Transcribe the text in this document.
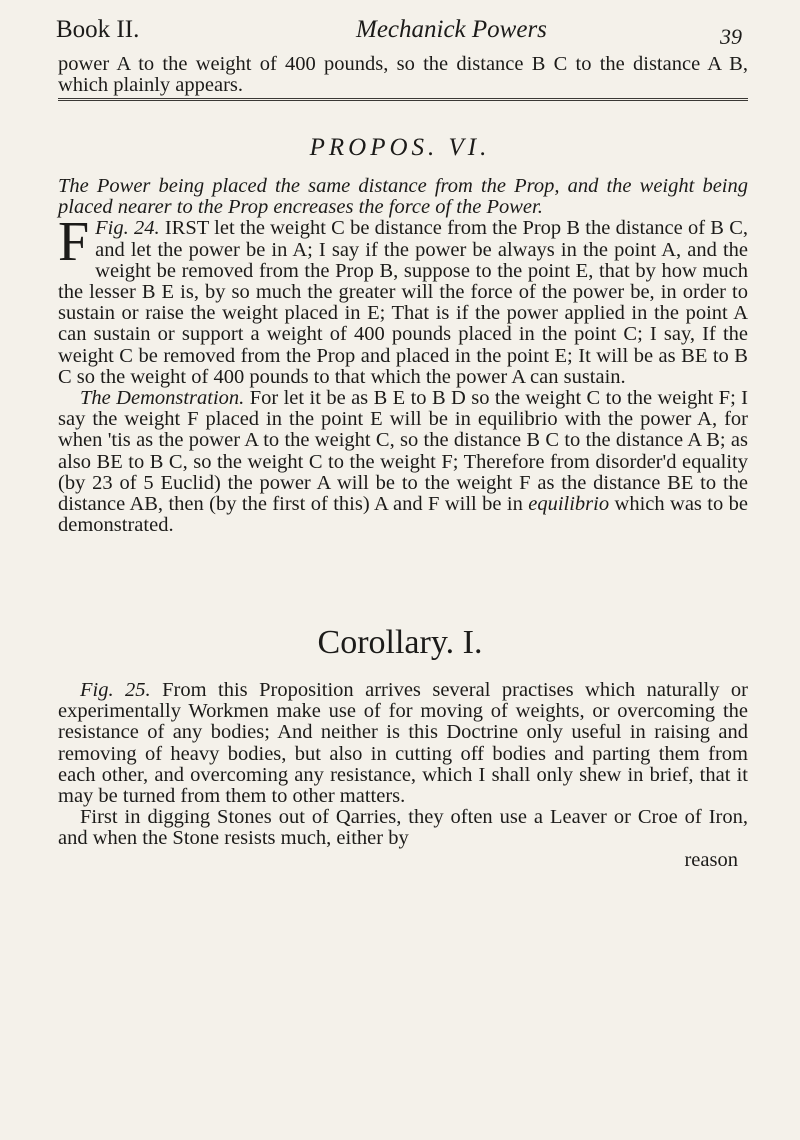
Book II.	Mechanick Powers	39

power A to the weight of 400 pounds, so the distance B C to the distance A B, which plainly appears.

PROPOS. VI.

The Power being placed the same distance from the Prop, and the weight being placed nearer to the Prop encreases the force of the Power.

Fig. 24.
F	IRST let the weight C be distance from the Prop B the distance of B C, and let the power be in A; I say if the power be always in the point A, and the weight be removed from the Prop B, suppose to the point E, that by how much the lesser B E is, by so much the greater will the force of the power be, in order to sustain or raise the weight placed in E; That is if the power applied in the point A can sustain or support a weight of 400 pounds placed in the point C; I say, If the weight C be removed from the Prop and placed in the point E; It will be as BE to B C so the weight of 400 pounds to that which the power A can sustain.

The Demonstration. For let it be as B E to B D so the weight C to the weight F; I say the weight F placed in the point E will be in equilibrio with the power A, for when 'tis as the power A to the weight C, so the distance B C to the distance A B; as also BE to B C, so the weight C to the weight F; Therefore from disorder'd equality (by 23 of 5 Euclid) the power A will be to the weight F as the distance BE to the distance AB, then (by the first of this) A and F will be in equilibrio which was to be demonstrated.

Corollary. I.

Fig. 25. From this Proposition arrives several practises which naturally or experimentally Workmen make use of for moving of weights, or overcoming the resistance of any bodies; And neither is this Doctrine only useful in raising and removing of heavy bodies, but also in cutting off bodies and parting them from each other, and overcoming any resistance, which I shall only shew in brief, that it may be turned from them to other matters.

First in digging Stones out of Qarries, they often use a Leaver or Croe of Iron, and when the Stone resists much, either by

reason
